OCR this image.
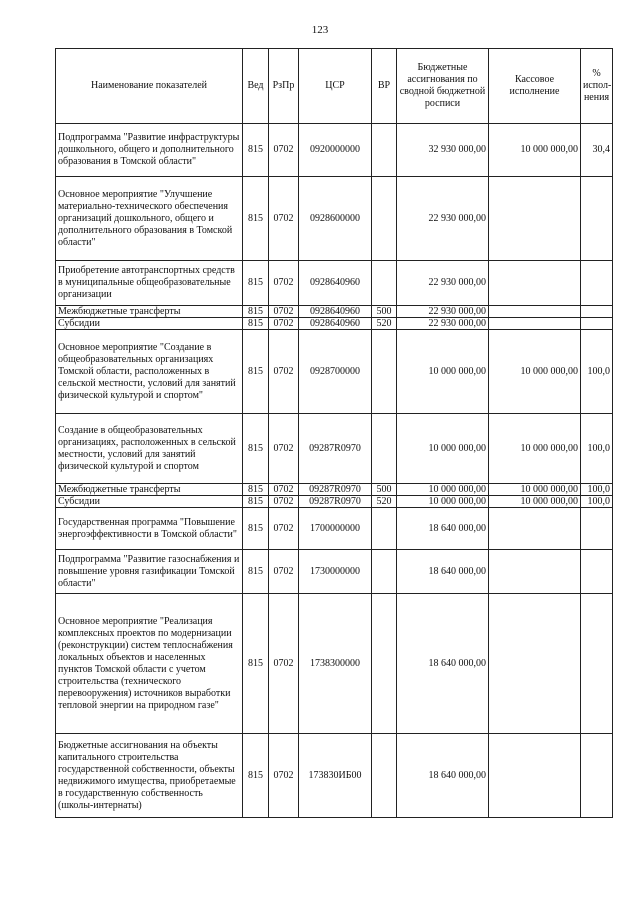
123
Наименование показателей	Вед	РзПр	ЦСР	ВР	Бюджетные ассигнования по сводной бюджетной росписи	Кассовое исполнение	% испол-нения
Подпрограмма "Развитие инфраструктуры дошкольного, общего и дополнительного образования в Томской области"	815	0702	0920000000		32 930 000,00	10 000 000,00	30,4
Основное мероприятие "Улучшение материально-технического обеспечения организаций дошкольного, общего и дополнительного образования в Томской области"	815	0702	0928600000		22 930 000,00		
Приобретение автотранспортных средств в муниципальные общеобразовательные организации	815	0702	0928640960		22 930 000,00		
Межбюджетные трансферты	815	0702	0928640960	500	22 930 000,00		
Субсидии	815	0702	0928640960	520	22 930 000,00		
Основное мероприятие "Создание в общеобразовательных организациях Томской области, расположенных в сельской местности, условий для занятий физической культурой и спортом"	815	0702	0928700000		10 000 000,00	10 000 000,00	100,0
Создание в общеобразовательных организациях, расположенных в сельской местности, условий для занятий физической культурой и спортом	815	0702	09287R0970		10 000 000,00	10 000 000,00	100,0
Межбюджетные трансферты	815	0702	09287R0970	500	10 000 000,00	10 000 000,00	100,0
Субсидии	815	0702	09287R0970	520	10 000 000,00	10 000 000,00	100,0
Государственная программа "Повышение энергоэффективности в Томской области"	815	0702	1700000000		18 640 000,00		
Подпрограмма "Развитие газоснабжения и повышение уровня газификации Томской области"	815	0702	1730000000		18 640 000,00		
Основное мероприятие "Реализация комплексных проектов по модернизации (реконструкции) систем теплоснабжения локальных объектов и населенных пунктов Томской области с учетом строительства (технического перевооружения) источников выработки тепловой энергии на природном газе"	815	0702	1738300000		18 640 000,00		
Бюджетные ассигнования на объекты капитального строительства государственной собственности, объекты недвижимого имущества, приобретаемые в государственную собственность (школы-интернаты)	815	0702	173830ИБ00		18 640 000,00		
